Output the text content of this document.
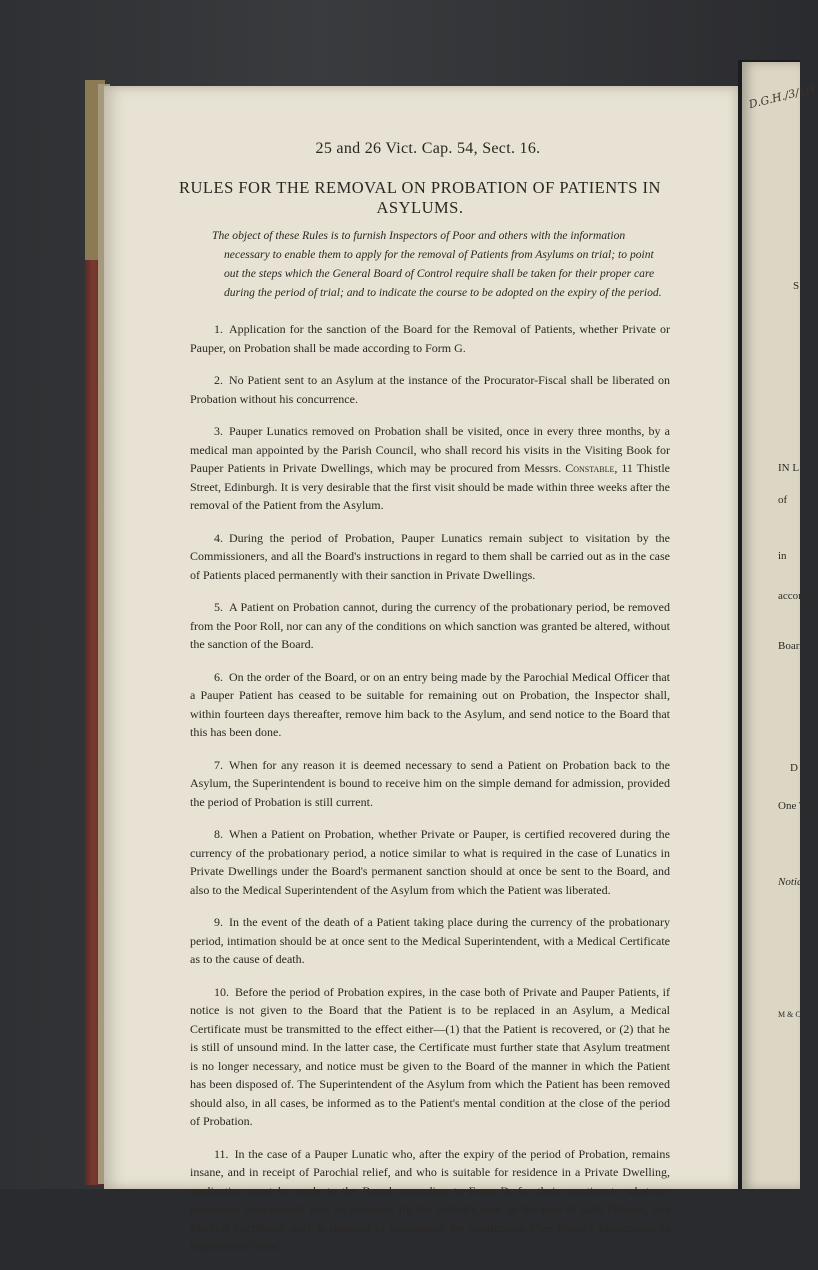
D.G.H./3/1/1
S
IN L
of
in
accom
Boari
D
One T
Notic
M & C
25 and 26 Vict. Cap. 54, Sect. 16.
RULES FOR THE REMOVAL ON PROBATION OF PATIENTS IN ASYLUMS.
The object of these Rules is to furnish Inspectors of Poor and others with the information necessary to enable them to apply for the removal of Patients from Asylums on trial; to point out the steps which the General Board of Control require shall be taken for their proper care during the period of trial; and to indicate the course to be adopted on the expiry of the period.
1. Application for the sanction of the Board for the Removal of Patients, whether Private or Pauper, on Probation shall be made according to Form G.
2. No Patient sent to an Asylum at the instance of the Procurator-Fiscal shall be liberated on Probation without his concurrence.
3. Pauper Lunatics removed on Probation shall be visited, once in every three months, by a medical man appointed by the Parish Council, who shall record his visits in the Visiting Book for Pauper Patients in Private Dwellings, which may be procured from Messrs. Constable, 11 Thistle Street, Edinburgh. It is very desirable that the first visit should be made within three weeks after the removal of the Patient from the Asylum.
4. During the period of Probation, Pauper Lunatics remain subject to visitation by the Commissioners, and all the Board's instructions in regard to them shall be carried out as in the case of Patients placed permanently with their sanction in Private Dwellings.
5. A Patient on Probation cannot, during the currency of the probationary period, be removed from the Poor Roll, nor can any of the conditions on which sanction was granted be altered, without the sanction of the Board.
6. On the order of the Board, or on an entry being made by the Parochial Medical Officer that a Pauper Patient has ceased to be suitable for remaining out on Probation, the Inspector shall, within fourteen days thereafter, remove him back to the Asylum, and send notice to the Board that this has been done.
7. When for any reason it is deemed necessary to send a Patient on Probation back to the Asylum, the Superintendent is bound to receive him on the simple demand for admission, provided the period of Probation is still current.
8. When a Patient on Probation, whether Private or Pauper, is certified recovered during the currency of the probationary period, a notice similar to what is required in the case of Lunatics in Private Dwellings under the Board's permanent sanction should at once be sent to the Board, and also to the Medical Superintendent of the Asylum from which the Patient was liberated.
9. In the event of the death of a Patient taking place during the currency of the probationary period, intimation should be at once sent to the Medical Superintendent, with a Medical Certificate as to the cause of death.
10. Before the period of Probation expires, in the case both of Private and Pauper Patients, if notice is not given to the Board that the Patient is to be replaced in an Asylum, a Medical Certificate must be transmitted to the effect either—(1) that the Patient is recovered, or (2) that he is still of unsound mind. In the latter case, the Certificate must further state that Asylum treatment is no longer necessary, and notice must be given to the Board of the manner in which the Patient has been disposed of. The Superintendent of the Asylum from which the Patient has been removed should also, in all cases, be informed as to the Patient's mental condition at the close of the period of Probation.
11. In the case of a Pauper Lunatic who, after the expiry of the period of Probation, remains insane, and in receipt of Parochial relief, and who is suitable for residence in a Private Dwelling, application must be made to the Board, according to Form D, for their sanction to whatever permanent arrangement may be proposed for the Patient's care. In the case of such Patients, one Medical Certificate only is required to accompany the application. (See Board's Instructions to Inspectors of Poor.)
